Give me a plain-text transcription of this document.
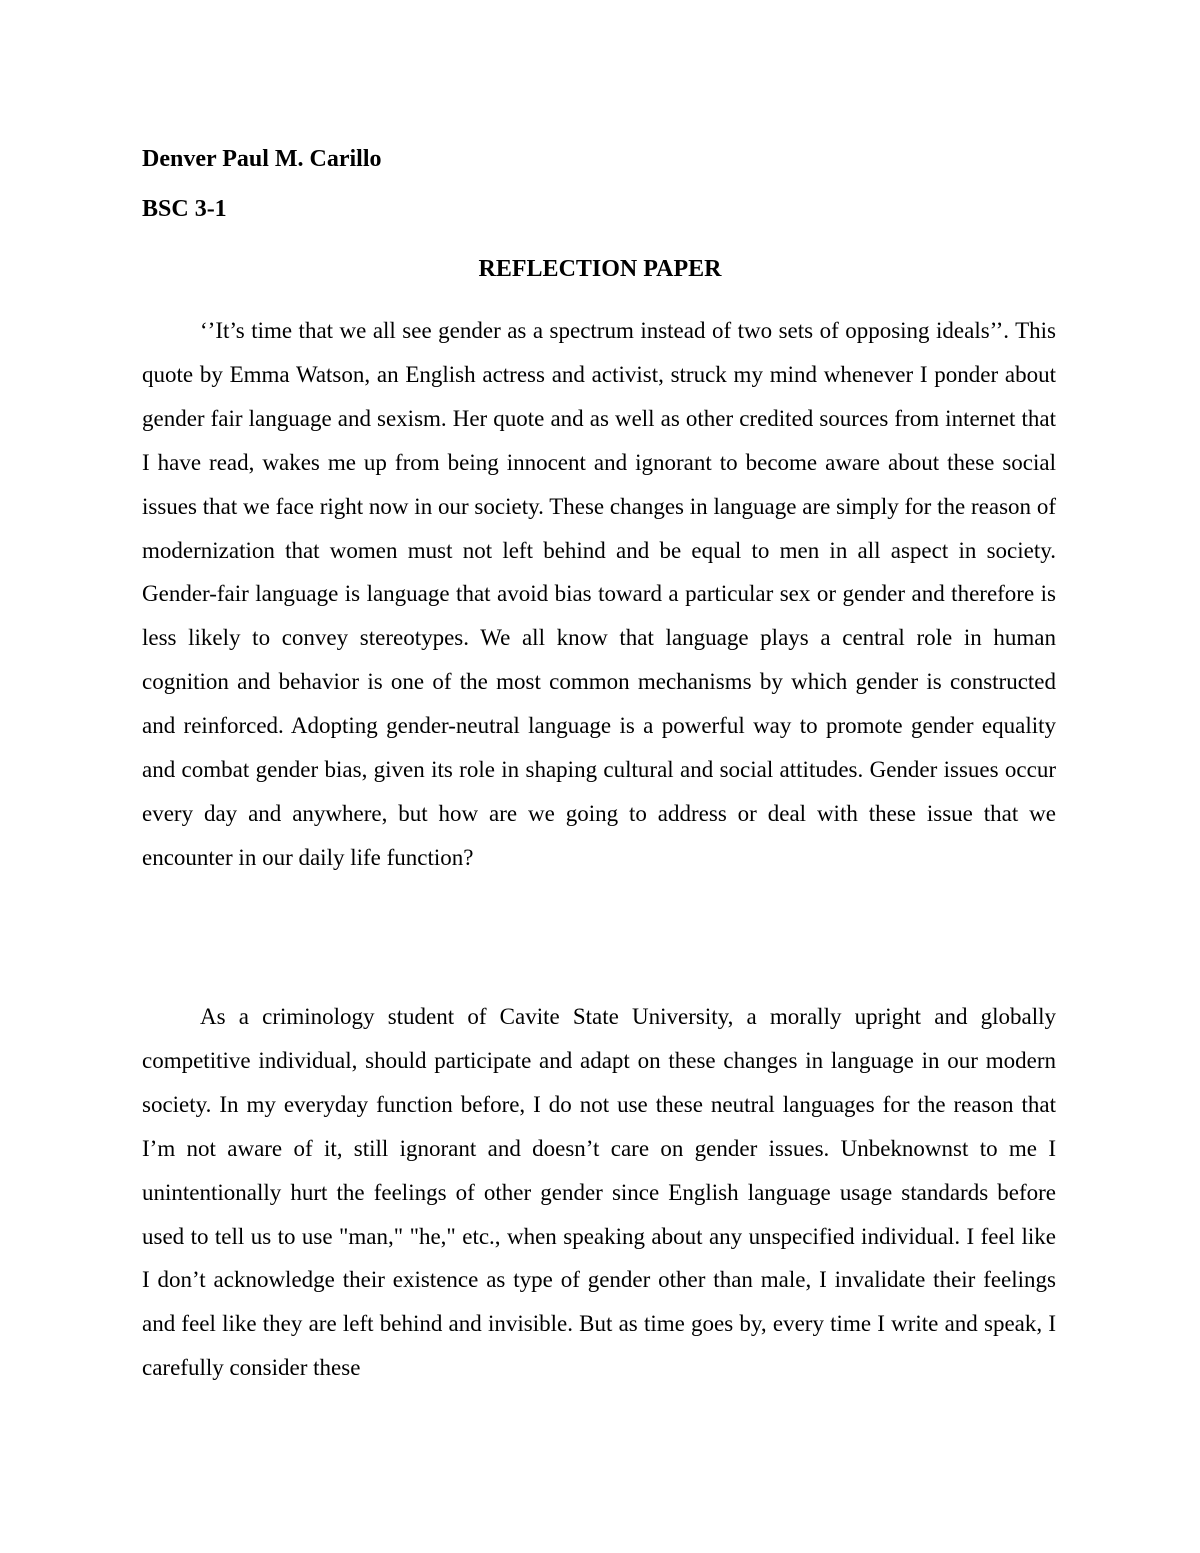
Denver Paul M. Carillo
BSC 3-1
REFLECTION PAPER

‘’It’s time that we all see gender as a spectrum instead of two sets of opposing ideals’’. This quote by Emma Watson, an English actress and activist, struck my mind whenever I ponder about gender fair language and sexism. Her quote and as well as other credited sources from internet that I have read, wakes me up from being innocent and ignorant to become aware about these social issues that we face right now in our society. These changes in language are simply for the reason of modernization that women must not left behind and be equal to men in all aspect in society. Gender-fair language is language that avoid bias toward a particular sex or gender and therefore is less likely to convey stereotypes. We all know that language plays a central role in human cognition and behavior is one of the most common mechanisms by which gender is constructed and reinforced. Adopting gender-neutral language is a powerful way to promote gender equality and combat gender bias, given its role in shaping cultural and social attitudes. Gender issues occur every day and anywhere, but how are we going to address or deal with these issue that we encounter in our daily life function?

As a criminology student of Cavite State University, a morally upright and globally competitive individual, should participate and adapt on these changes in language in our modern society. In my everyday function before, I do not use these neutral languages for the reason that I’m not aware of it, still ignorant and doesn’t care on gender issues. Unbeknownst to me I unintentionally hurt the feelings of other gender since English language usage standards before used to tell us to use "man," "he," etc., when speaking about any unspecified individual. I feel like I don’t acknowledge their existence as type of gender other than male, I invalidate their feelings and feel like they are left behind and invisible. But as time goes by, every time I write and speak, I carefully consider these
